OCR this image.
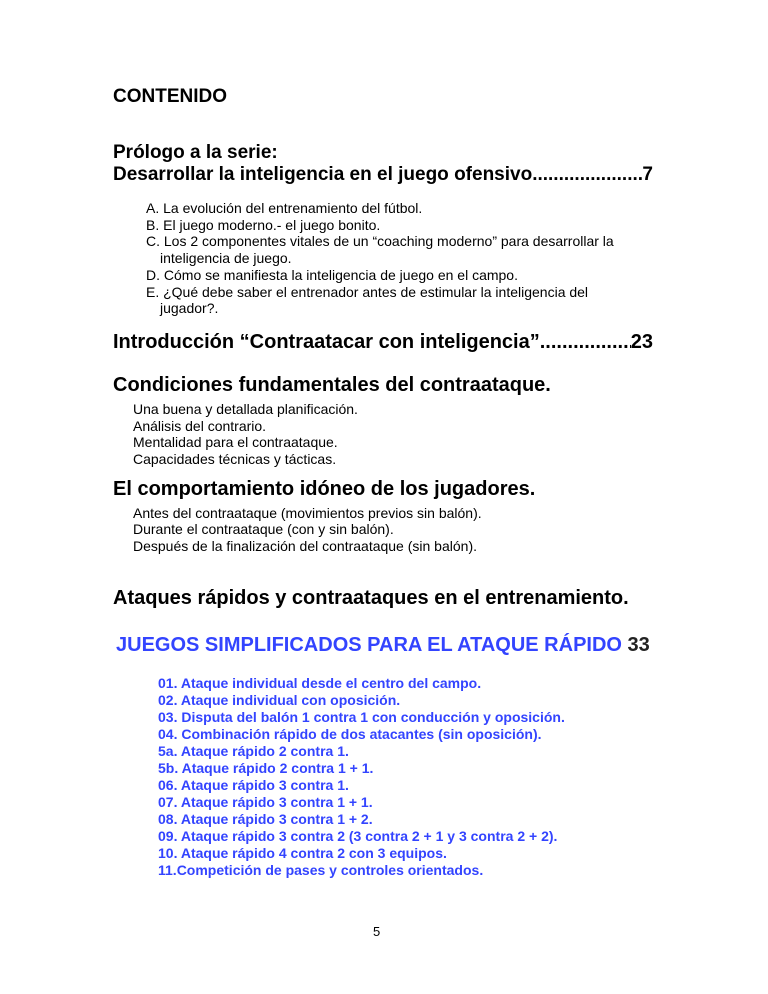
CONTENIDO
Prólogo a la serie:
Desarrollar la inteligencia en el juego ofensivo .....	7
A. La evolución del entrenamiento del fútbol.
B. El juego moderno.- el juego bonito.
C. Los 2 componentes vitales de un “coaching moderno” para desarrollar la inteligencia de juego.
D. Cómo se manifiesta la inteligencia de juego en el campo.
E. ¿Qué debe saber el entrenador antes de estimular la inteligencia del jugador?.
Introducción “Contraatacar con inteligencia” .....	23
Condiciones fundamentales del contraataque.
Una buena y detallada planificación.
Análisis del contrario.
Mentalidad para el contraataque.
Capacidades técnicas y tácticas.
El comportamiento idóneo de los jugadores.
Antes del contraataque (movimientos previos sin balón).
Durante el contraataque (con y sin balón).
Después de la finalización del contraataque (sin balón).
Ataques rápidos y contraataques en el entrenamiento.
JUEGOS SIMPLIFICADOS PARA EL ATAQUE RÁPIDO 33
01. Ataque individual desde el centro del campo.
02. Ataque individual con oposición.
03. Disputa del balón 1 contra 1 con conducción y oposición.
04. Combinación rápido de dos atacantes (sin oposición).
5a. Ataque rápido 2 contra 1.
5b. Ataque rápido 2 contra 1 + 1.
06. Ataque rápido 3 contra 1.
07. Ataque rápido 3 contra 1 + 1.
08. Ataque rápido 3 contra 1 + 2.
09. Ataque rápido 3 contra 2 (3 contra 2 + 1 y 3 contra 2 + 2).
10. Ataque rápido 4 contra 2 con 3 equipos.
11.Competición de pases y controles orientados.
5
